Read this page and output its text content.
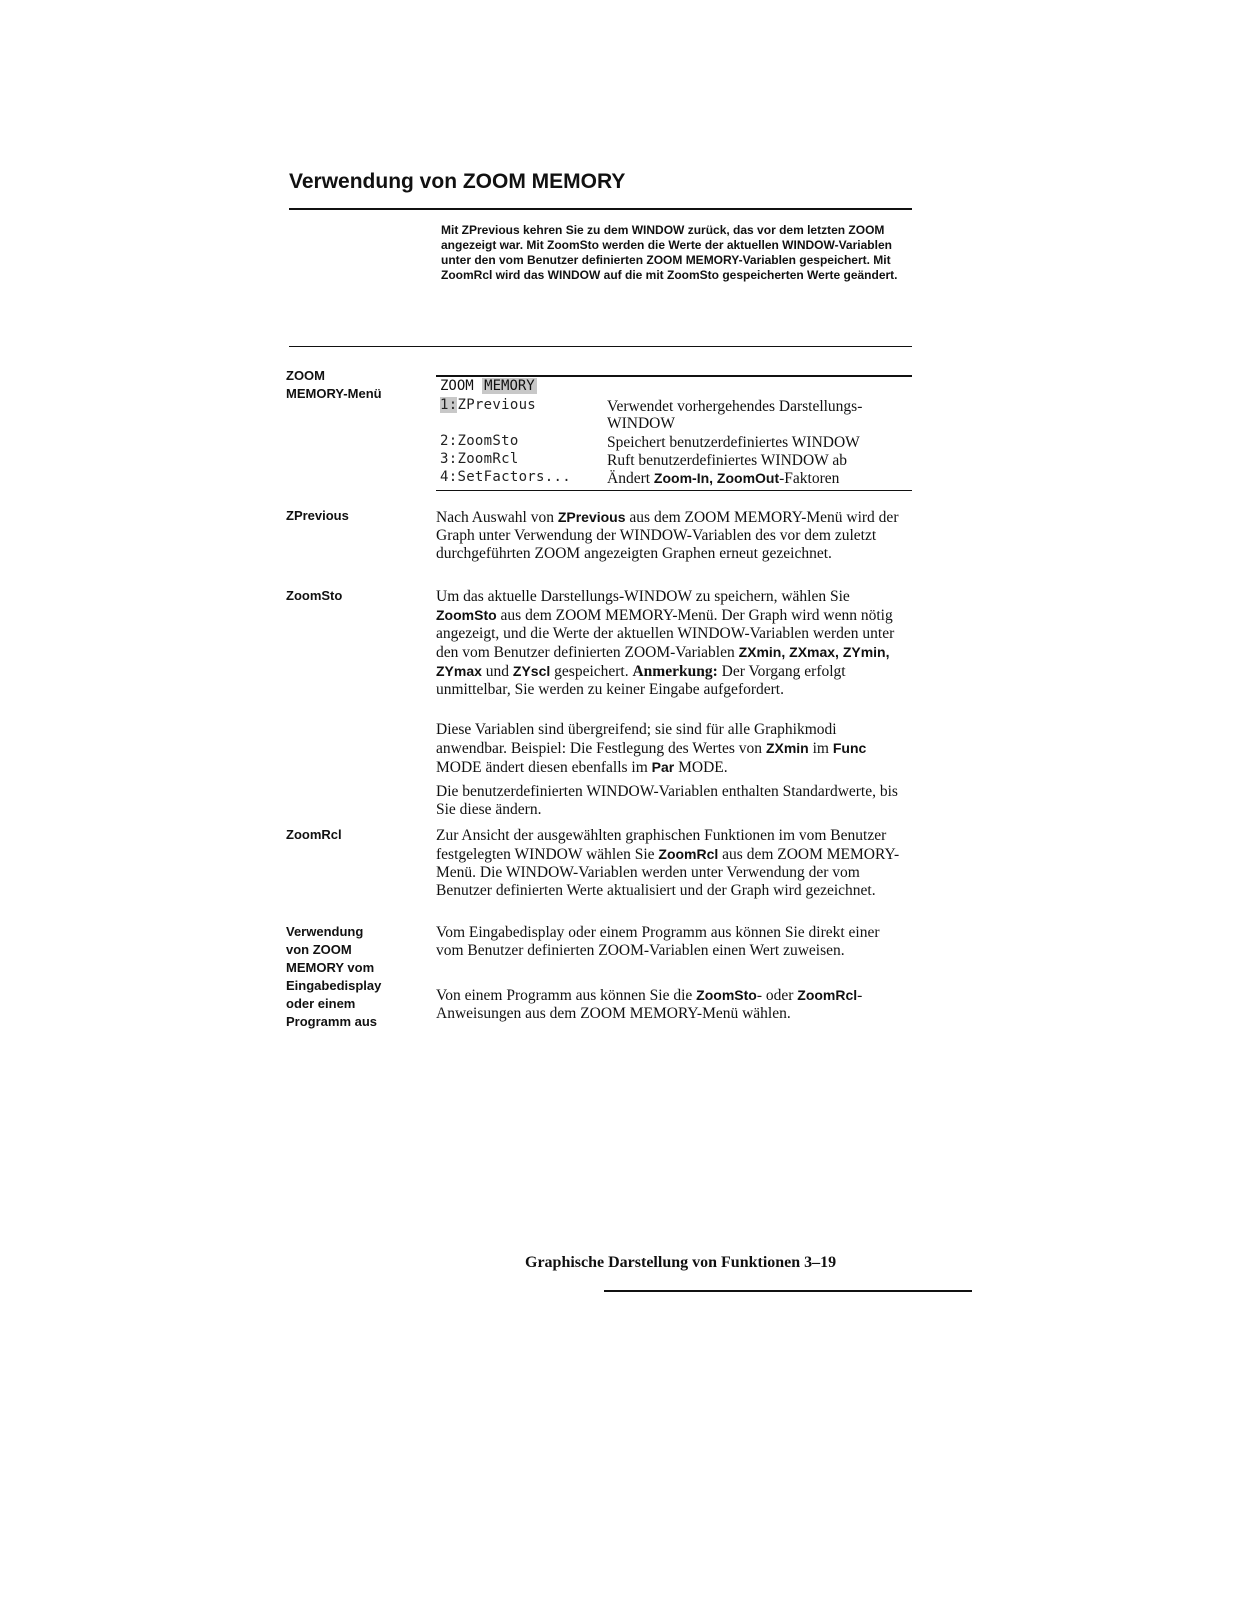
Verwendung von ZOOM MEMORY
Mit ZPrevious kehren Sie zu dem WINDOW zurück, das vor dem letzten ZOOM angezeigt war. Mit ZoomSto werden die Werte der aktuellen WINDOW-Variablen unter den vom Benutzer definierten ZOOM MEMORY-Variablen gespeichert. Mit ZoomRcl wird das WINDOW auf die mit ZoomSto gespeicherten Werte geändert.
ZOOM
MEMORY-Menü	ZOOM MEMORY
1:ZPrevious	Verwendet vorhergehendes Darstellungs-WINDOW
2:ZoomSto	Speichert benutzerdefiniertes WINDOW
3:ZoomRcl	Ruft benutzerdefiniertes WINDOW ab
4:SetFactors... Ändert Zoom-In, ZoomOut-Faktoren
ZPrevious	Nach Auswahl von ZPrevious aus dem ZOOM MEMORY-Menü wird der Graph unter Verwendung der WINDOW-Variablen des vor dem zuletzt durchgeführten ZOOM angezeigten Graphen erneut gezeichnet.
ZoomSto	Um das aktuelle Darstellungs-WINDOW zu speichern, wählen Sie ZoomSto aus dem ZOOM MEMORY-Menü. Der Graph wird wenn nötig angezeigt, und die Werte der aktuellen WINDOW-Variablen werden unter den vom Benutzer definierten ZOOM-Variablen ZXmin, ZXmax, ZYmin, ZYmax und ZYscl gespeichert. Anmerkung: Der Vorgang erfolgt unmittelbar, Sie werden zu keiner Eingabe aufgefordert.
Diese Variablen sind übergreifend; sie sind für alle Graphikmodi anwendbar. Beispiel: Die Festlegung des Wertes von ZXmin im Func MODE ändert diesen ebenfalls im Par MODE.
Die benutzerdefinierten WINDOW-Variablen enthalten Standardwerte, bis Sie diese ändern.
ZoomRcl	Zur Ansicht der ausgewählten graphischen Funktionen im vom Benutzer festgelegten WINDOW wählen Sie ZoomRcl aus dem ZOOM MEMORY-Menü. Die WINDOW-Variablen werden unter Verwendung der vom Benutzer definierten Werte aktualisiert und der Graph wird gezeichnet.
Verwendung
von ZOOM
MEMORY vom
Eingabedisplay
oder einem
Programm aus
Vom Eingabedisplay oder einem Programm aus können Sie direkt einer vom Benutzer definierten ZOOM-Variablen einen Wert zuweisen.
Von einem Programm aus können Sie die ZoomSto- oder ZoomRcl-Anweisungen aus dem ZOOM MEMORY-Menü wählen.
Graphische Darstellung von Funktionen 3–19
